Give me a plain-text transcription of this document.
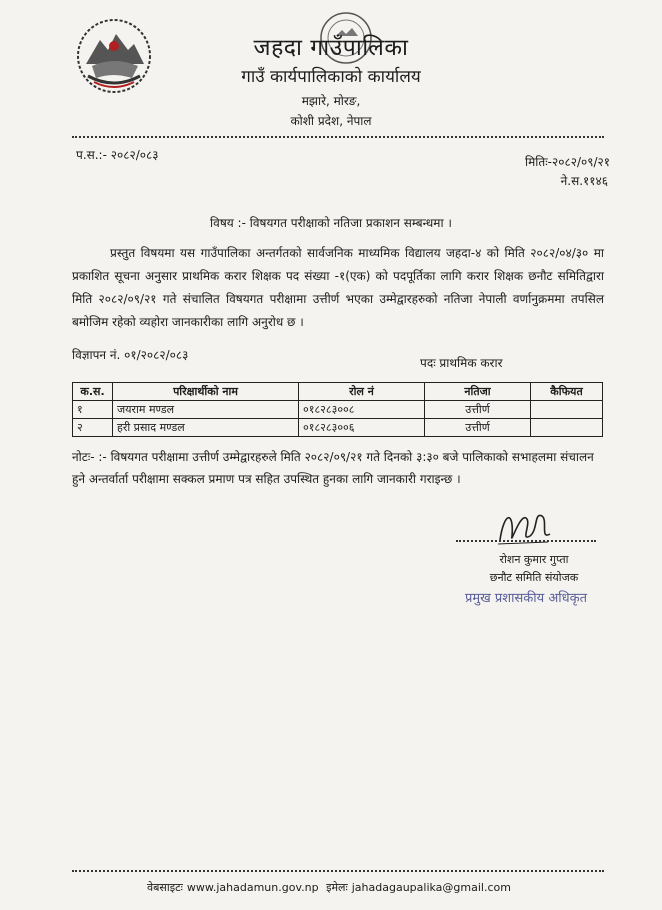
जहदा गाउँपालिका
गाउँ कार्यपालिकाको कार्यालय
मझारे, मोरङ,
कोशी प्रदेश, नेपाल
प.स.:- २०८२/०८३	मितिः-२०८२/०९/२१
ने.स.११४६
विषय :- विषयगत परीक्षाको नतिजा प्रकाशन सम्बन्धमा ।
प्रस्तुत विषयमा यस गाउँपालिका अन्तर्गतको सार्वजनिक माध्यमिक विद्यालय जहदा-४ को मिति २०८२/०४/३० मा प्रकाशित सूचना अनुसार प्राथमिक करार शिक्षक पद संख्या -१(एक) को पदपूर्तिका लागि करार शिक्षक छनौट समितिद्वारा मिति २०८२/०९/२१ गते संचालित विषयगत परीक्षामा उत्तीर्ण भएका उम्मेद्वारहरुको नतिजा नेपाली वर्णानुक्रममा तपसिल बमोजिम रहेको व्यहोरा जानकारीका लागि अनुरोध छ ।
विज्ञापन नं. ०१/२०८२/०८३
पदः प्राथमिक करार
क.स.	परिक्षार्थीको नाम	रोल नं	नतिजा	कैफियत
१	जयराम मण्डल	०१८२८३००८	उत्तीर्ण	
२	हरी प्रसाद मण्डल	०१८२८३००६	उत्तीर्ण	
नोटः- :- विषयगत परीक्षामा उत्तीर्ण उम्मेद्वारहरुले मिति २०८२/०९/२१ गते दिनको ३:३० बजे पालिकाको सभाहलमा संचालन हुने अन्तर्वार्ता परीक्षामा सक्कल प्रमाण पत्र सहित उपस्थित हुनका लागि जानकारी गराइन्छ ।
रोशन कुमार गुप्ता
छनौट समिति संयोजक
प्रमुख प्रशासकीय अधिकृत
वेबसाइटः www.jahadamun.gov.np इमेलः jahadagaupalika@gmail.com
